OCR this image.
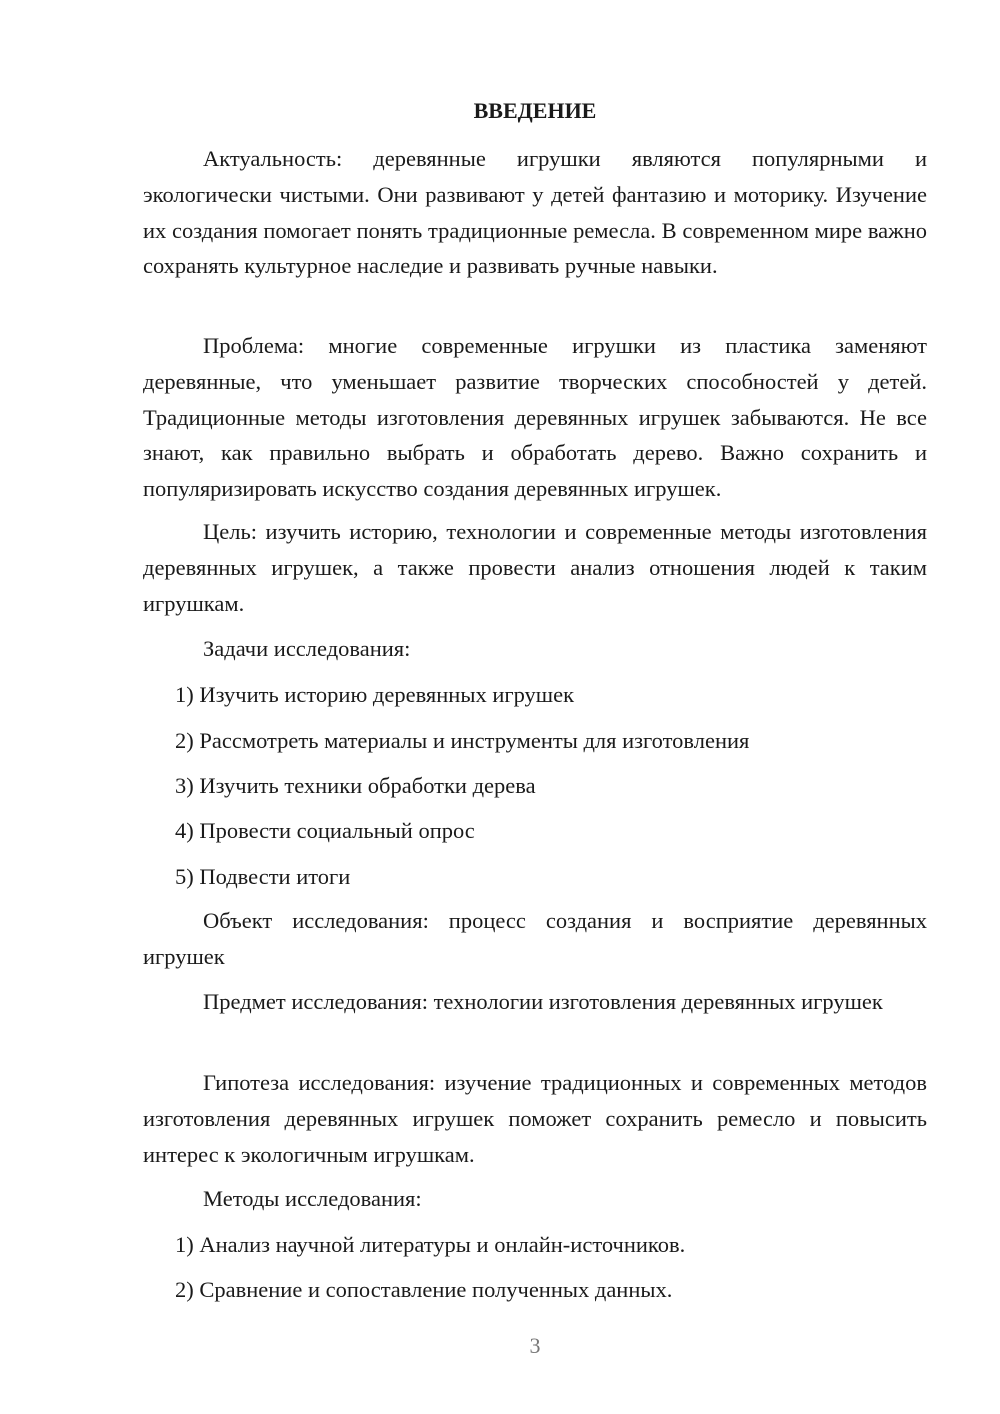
ВВЕДЕНИЕ

Актуальность: деревянные игрушки являются популярными и экологически чистыми. Они развивают у детей фантазию и моторику. Изучение их создания помогает понять традиционные ремесла. В современном мире важно сохранять культурное наследие и развивать ручные навыки.

Проблема: многие современные игрушки из пластика заменяют деревянные, что уменьшает развитие творческих способностей у детей. Традиционные методы изготовления деревянных игрушек забываются. Не все знают, как правильно выбрать и обработать дерево. Важно сохранить и популяризировать искусство создания деревянных игрушек.

Цель: изучить историю, технологии и современные методы изготовления деревянных игрушек, а также провести анализ отношения людей к таким игрушкам.

Задачи исследования:

1) Изучить историю деревянных игрушек

2) Рассмотреть материалы и инструменты для изготовления

3) Изучить техники обработки дерева

4) Провести социальный опрос

5) Подвести итоги

Объект исследования: процесс создания и восприятие деревянных игрушек

Предмет исследования: технологии изготовления деревянных игрушек

Гипотеза исследования: изучение традиционных и современных методов изготовления деревянных игрушек поможет сохранить ремесло и повысить интерес к экологичным игрушкам.

Методы исследования:

1) Анализ научной литературы и онлайн-источников.

2) Сравнение и сопоставление полученных данных.

3
